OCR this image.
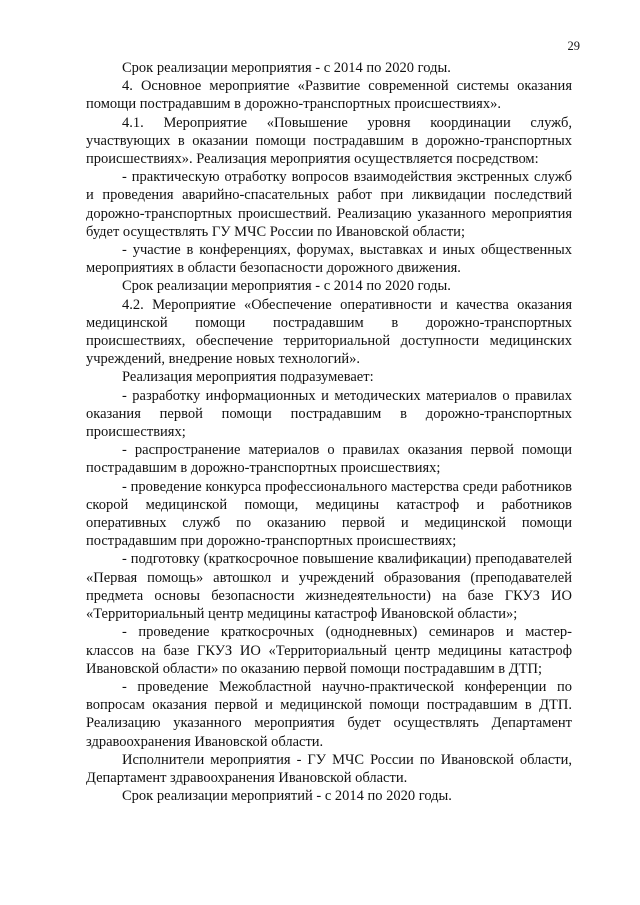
29

Срок реализации мероприятия - с 2014 по 2020 годы.

4. Основное мероприятие «Развитие современной системы оказания помощи пострадавшим в дорожно-транспортных происшествиях».

4.1. Мероприятие «Повышение уровня координации служб, участвующих в оказании помощи пострадавшим в дорожно-транспортных происшествиях». Реализация мероприятия осуществляется посредством:

- практическую отработку вопросов взаимодействия экстренных служб и проведения аварийно-спасательных работ при ликвидации последствий дорожно-транспортных происшествий. Реализацию указанного мероприятия будет осуществлять ГУ МЧС России по Ивановской области;

- участие в конференциях, форумах, выставках и иных общественных мероприятиях в области безопасности дорожного движения.

Срок реализации мероприятия - с 2014 по 2020 годы.

4.2. Мероприятие «Обеспечение оперативности и качества оказания медицинской помощи пострадавшим в дорожно-транспортных происшествиях, обеспечение территориальной доступности медицинских учреждений, внедрение новых технологий».

Реализация мероприятия подразумевает:

- разработку информационных и методических материалов о правилах оказания первой помощи пострадавшим в дорожно-транспортных происшествиях;

- распространение материалов о правилах оказания первой помощи пострадавшим в дорожно-транспортных происшествиях;

- проведение конкурса профессионального мастерства среди работников скорой медицинской помощи, медицины катастроф и работников оперативных служб по оказанию первой и медицинской помощи пострадавшим при дорожно-транспортных происшествиях;

- подготовку (краткосрочное повышение квалификации) преподавателей «Первая помощь» автошкол и учреждений образования (преподавателей предмета основы безопасности жизнедеятельности) на базе ГКУЗ ИО «Территориальный центр медицины катастроф Ивановской области»;

- проведение краткосрочных (однодневных) семинаров и мастер-классов на базе ГКУЗ ИО «Территориальный центр медицины катастроф Ивановской области» по оказанию первой помощи пострадавшим в ДТП;

- проведение Межобластной научно-практической конференции по вопросам оказания первой и медицинской помощи пострадавшим в ДТП. Реализацию указанного мероприятия будет осуществлять Департамент здравоохранения Ивановской области.

Исполнители мероприятия - ГУ МЧС России по Ивановской области, Департамент здравоохранения Ивановской области.

Срок реализации мероприятий - с 2014 по 2020 годы.
